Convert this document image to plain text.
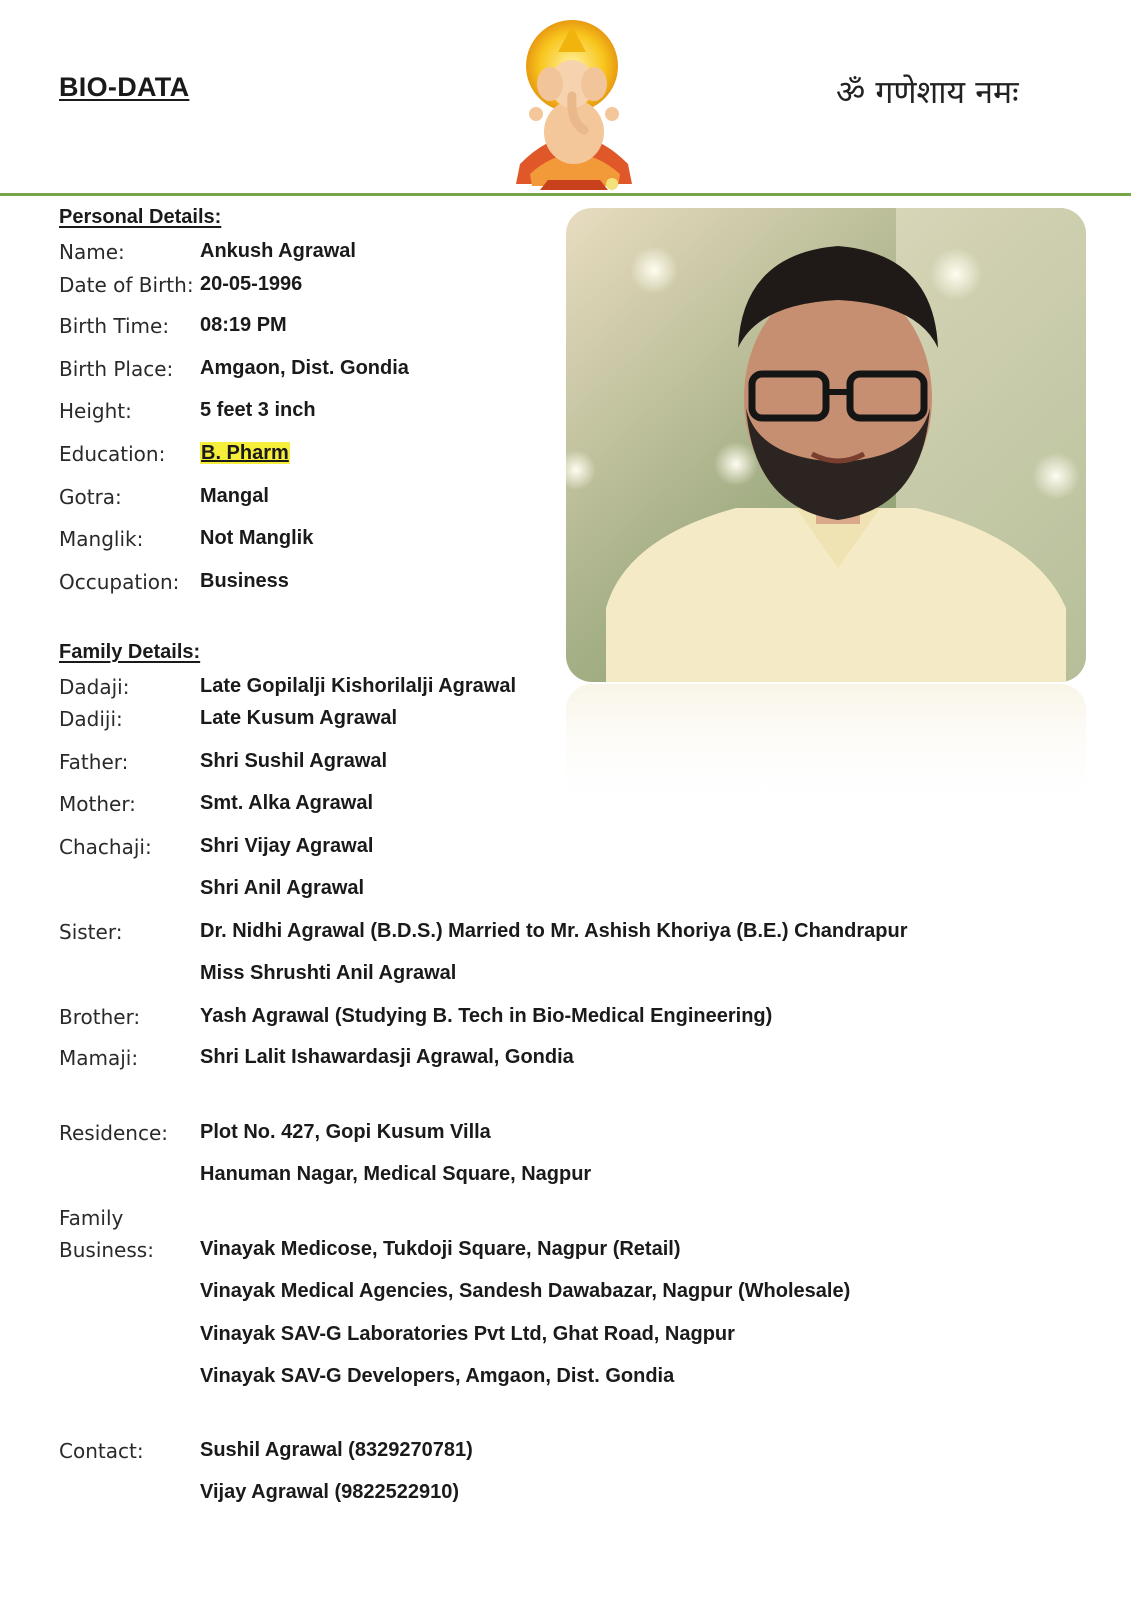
BIO-DATA	ॐ गणेशाय नमः
Personal Details:
Name:	Ankush Agrawal
Date of Birth: 20-05-1996
Birth Time: 08:19 PM
Birth Place: Amgaon, Dist. Gondia
Height:	5 feet 3 inch
Education: B. Pharm
Gotra:	Mangal
Manglik:	Not Manglik
Occupation: Business
Family Details:
Dadaji:	Late Gopilalji Kishorilalji Agrawal
Dadiji:	Late Kusum Agrawal
Father:	Shri Sushil Agrawal
Mother:	Smt. Alka Agrawal
Chachaji: Shri Vijay Agrawal
Shri Anil Agrawal
Sister:	Dr. Nidhi Agrawal (B.D.S.) Married to Mr. Ashish Khoriya (B.E.) Chandrapur
Miss Shrushti Anil Agrawal
Brother:	Yash Agrawal (Studying B. Tech in Bio-Medical Engineering)
Mamaji:	Shri Lalit Ishawardasji Agrawal, Gondia
Residence: Plot No. 427, Gopi Kusum Villa
Hanuman Nagar, Medical Square, Nagpur
Family
Business: Vinayak Medicose, Tukdoji Square, Nagpur (Retail)
Vinayak Medical Agencies, Sandesh Dawabazar, Nagpur (Wholesale)
Vinayak SAV-G Laboratories Pvt Ltd, Ghat Road, Nagpur
Vinayak SAV-G Developers, Amgaon, Dist. Gondia
Contact:	Sushil Agrawal (8329270781)
Vijay Agrawal (9822522910)
